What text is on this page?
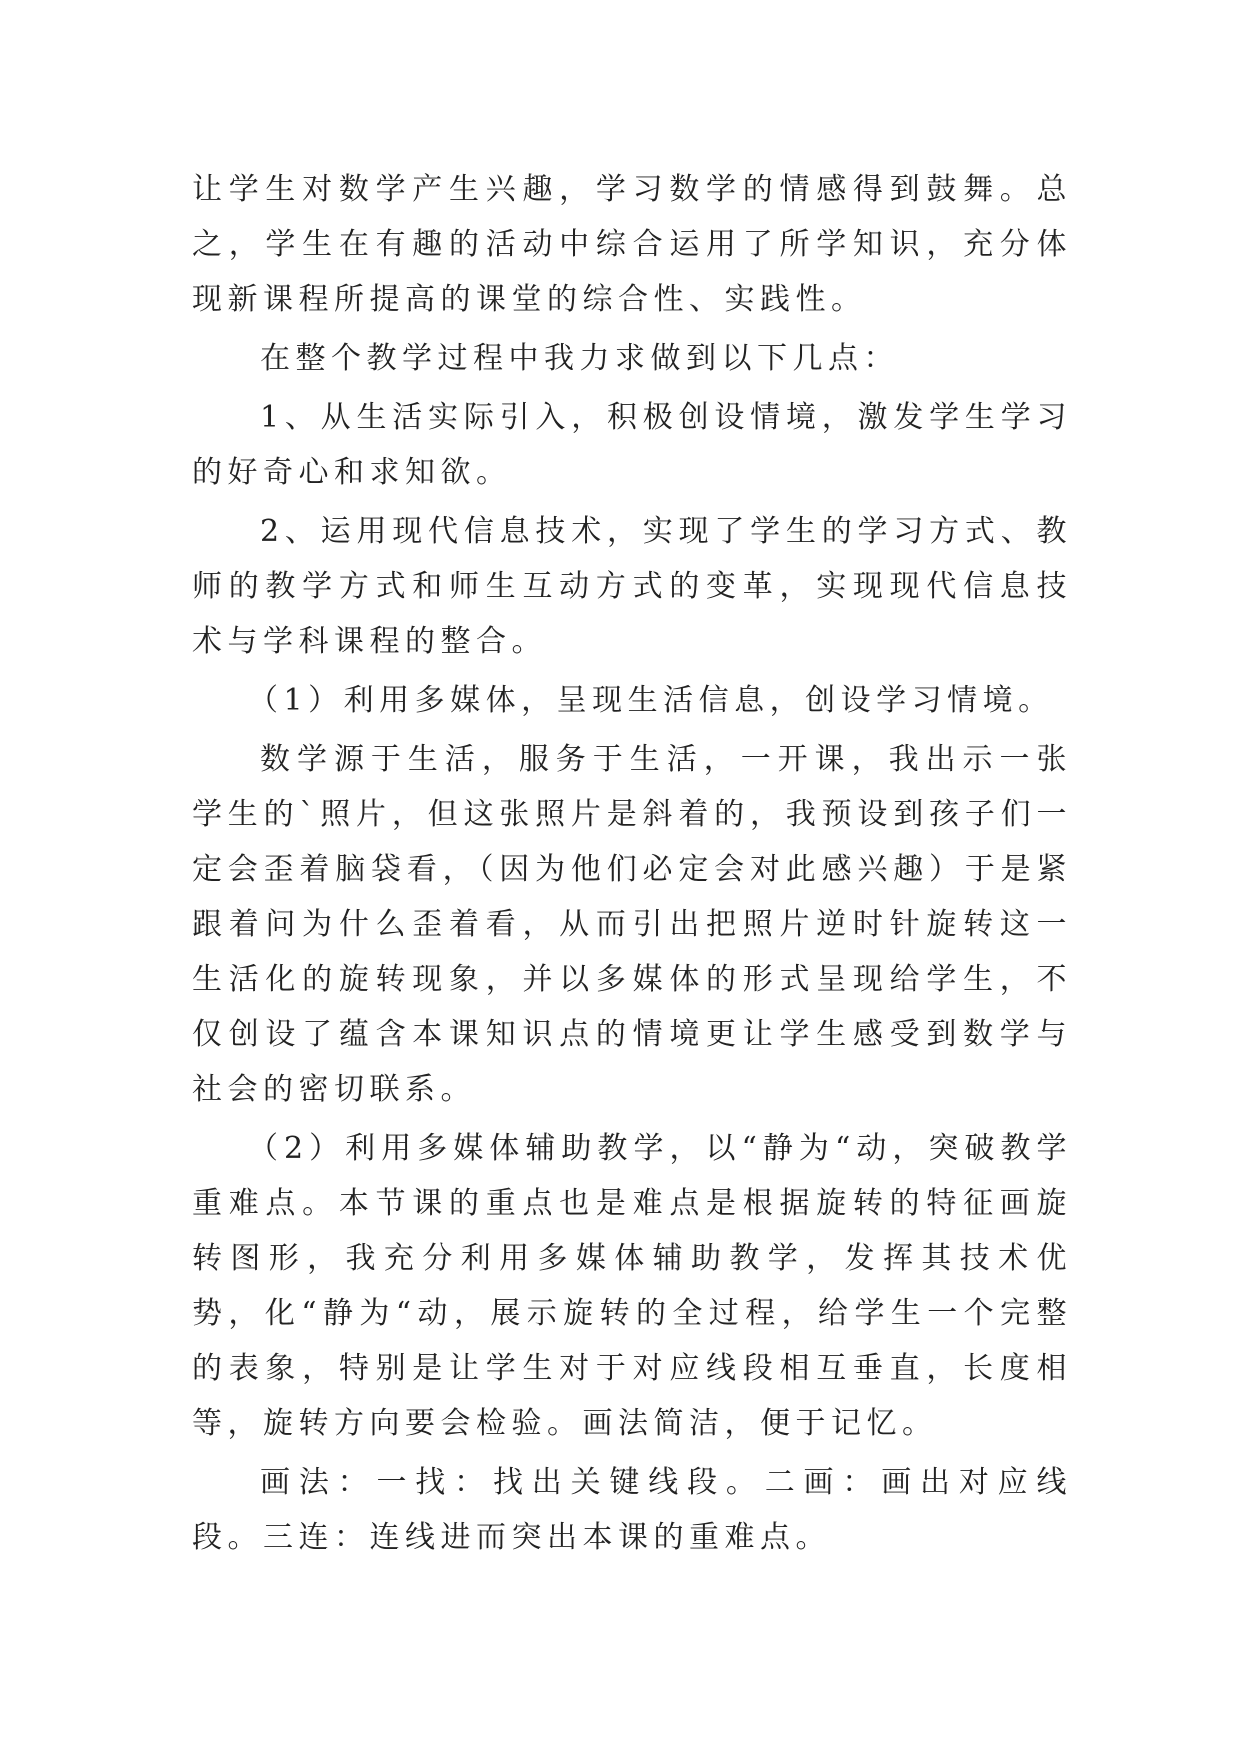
让学生对数学产生兴趣，学习数学的情感得到鼓舞。总之，学生在有趣的活动中综合运用了所学知识，充分体现新课程所提高的课堂的综合性、实践性。

在整个教学过程中我力求做到以下几点：

1、从生活实际引入，积极创设情境，激发学生学习的好奇心和求知欲。

2、运用现代信息技术，实现了学生的学习方式、教师的教学方式和师生互动方式的变革，实现现代信息技术与学科课程的整合。

（1）利用多媒体，呈现生活信息，创设学习情境。

数学源于生活，服务于生活，一开课，我出示一张学生的`照片，但这张照片是斜着的，我预设到孩子们一定会歪着脑袋看，（因为他们必定会对此感兴趣）于是紧跟着问为什么歪着看，从而引出把照片逆时针旋转这一生活化的旋转现象，并以多媒体的形式呈现给学生，不仅创设了蕴含本课知识点的情境更让学生感受到数学与社会的密切联系。

（2）利用多媒体辅助教学，以“静为“动，突破教学重难点。本节课的重点也是难点是根据旋转的特征画旋转图形，我充分利用多媒体辅助教学，发挥其技术优势，化“静为“动，展示旋转的全过程，给学生一个完整的表象，特别是让学生对于对应线段相互垂直，长度相等，旋转方向要会检验。画法简洁，便于记忆。

画法：一找：找出关键线段。二画：画出对应线段。三连：连线进而突出本课的重难点。
